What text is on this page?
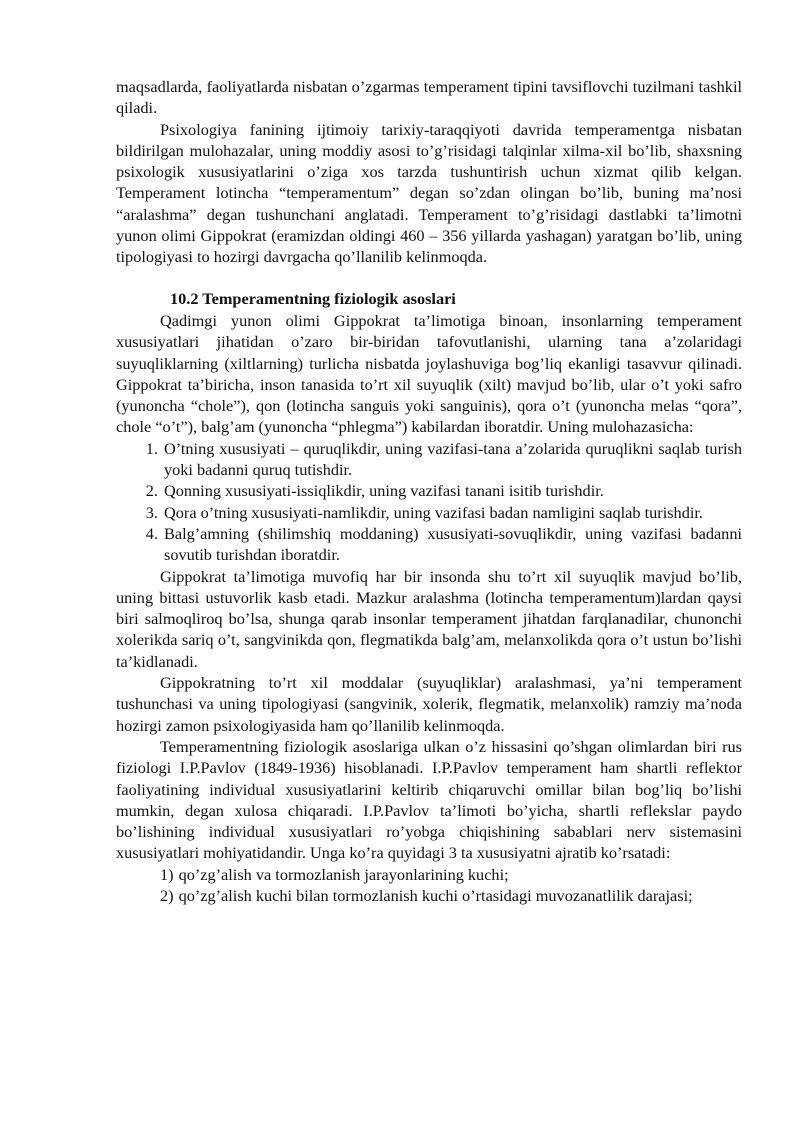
maqsadlarda, faoliyatlarda nisbatan o’zgarmas temperament tipini tavsiflovchi tuzilmani tashkil qiladi.

Psixologiya fanining ijtimoiy tarixiy-taraqqiyoti davrida temperamentga nisbatan bildirilgan mulohazalar, uning moddiy asosi to’g’risidagi talqinlar xilma-xil bo’lib, shaxsning psixologik xususiyatlarini o’ziga xos tarzda tushuntirish uchun xizmat qilib kelgan. Temperament lotincha “temperamentum” degan so’zdan olingan bo’lib, buning ma’nosi “aralashma” degan tushunchani anglatadi. Temperament to’g’risidagi dastlabki ta’limotni yunon olimi Gippokrat (eramizdan oldingi 460 – 356 yillarda yashagan) yaratgan bo’lib, uning tipologiyasi to hozirgi davrgacha qo’llanilib kelinmoqda.

10.2 Temperamentning fiziologik asoslari

Qadimgi yunon olimi Gippokrat ta’limotiga binoan, insonlarning temperament xususiyatlari jihatidan o’zaro bir-biridan tafovutlanishi, ularning tana a’zolaridagi suyuqliklarning (xiltlarning) turlicha nisbatda joylashuviga bog’liq ekanligi tasavvur qilinadi. Gippokrat ta’biricha, inson tanasida to’rt xil suyuqlik (xilt) mavjud bo’lib, ular o’t yoki safro (yunoncha “chole”), qon (lotincha sanguis yoki sanguinis), qora o’t (yunoncha melas “qora”, chole “o’t”), balg’am (yunoncha “phlegma”) kabilardan iboratdir. Uning mulohazasicha:

1. O’tning xususiyati – quruqlikdir, uning vazifasi-tana a’zolarida quruqlikni saqlab turish yoki badanni quruq tutishdir.
2. Qonning xususiyati-issiqlikdir, uning vazifasi tanani isitib turishdir.
3. Qora o’tning xususiyati-namlikdir, uning vazifasi badan namligini saqlab turishdir.
4. Balg’amning (shilimshiq moddaning) xususiyati-sovuqlikdir, uning vazifasi badanni sovutib turishdan iboratdir.

Gippokrat ta’limotiga muvofiq har bir insonda shu to’rt xil suyuqlik mavjud bo’lib, uning bittasi ustuvorlik kasb etadi. Mazkur aralashma (lotincha temperamentum)lardan qaysi biri salmoqliroq bo’lsa, shunga qarab insonlar temperament jihatdan farqlanadilar, chunonchi xolerikda sariq o’t, sangvinikda qon, flegmatikda balg’am, melanxolikda qora o’t ustun bo’lishi ta’kidlanadi.

Gippokratning to’rt xil moddalar (suyuqliklar) aralashmasi, ya’ni temperament tushunchasi va uning tipologiyasi (sangvinik, xolerik, flegmatik, melanxolik) ramziy ma’noda hozirgi zamon psixologiyasida ham qo’llanilib kelinmoqda.

Temperamentning fiziologik asoslariga ulkan o’z hissasini qo’shgan olimlardan biri rus fiziologi I.P.Pavlov (1849-1936) hisoblanadi. I.P.Pavlov temperament ham shartli reflektor faoliyatining individual xususiyatlarini keltirib chiqaruvchi omillar bilan bog’liq bo’lishi mumkin, degan xulosa chiqaradi. I.P.Pavlov ta’limoti bo’yicha, shartli reflekslar paydo bo’lishining individual xususiyatlari ro’yobga chiqishining sabablari nerv sistemasini xususiyatlari mohiyatidandir. Unga ko’ra quyidagi 3 ta xususiyatni ajratib ko’rsatadi:

1) qo’zg’alish va tormozlanish jarayonlarining kuchi;
2) qo’zg’alish kuchi bilan tormozlanish kuchi o’rtasidagi muvozanatlilik darajasi;
